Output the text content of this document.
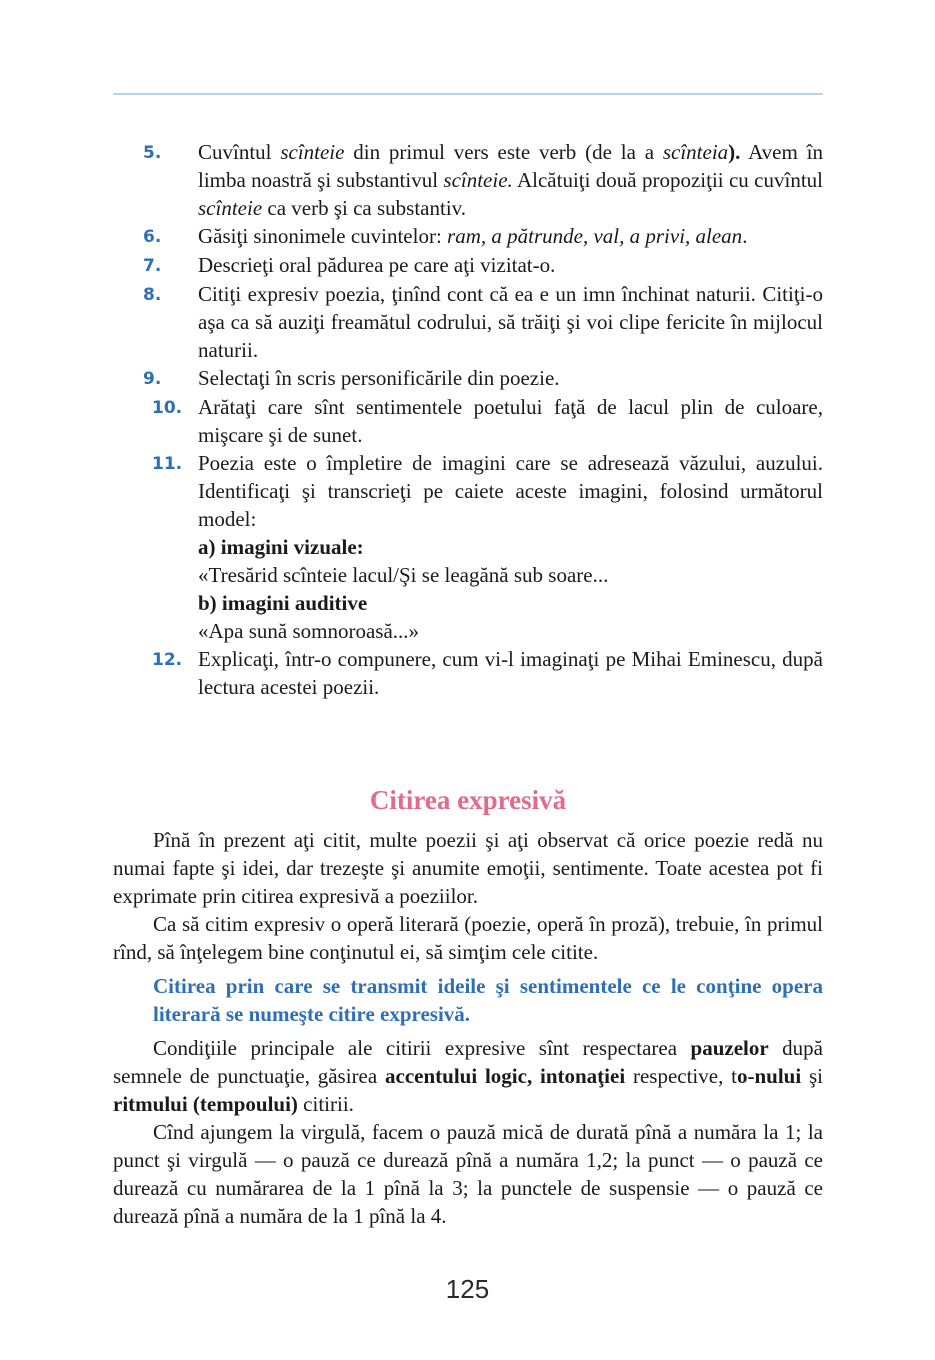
5.	Cuvîntul scînteie din primul vers este verb (de la a scînteia). Avem în limba noastră şi substantivul scînteie. Alcătuiţi două propoziţii cu cuvîntul scînteie ca verb şi ca substantiv.

6.	Găsiţi sinonimele cuvintelor: ram, a pătrunde, val, a privi, alean.

7.	Descrieţi oral pădurea pe care aţi vizitat-o.

8.	Citiţi expresiv poezia, ţinînd cont că ea e un imn închinat naturii. Citiţi-o aşa ca să auziţi freamătul codrului, să trăiţi şi voi clipe fericite în mijlocul naturii.

9.	Selectaţi în scris personificările din poezie.

10. Arătaţi care sînt sentimentele poetului faţă de lacul plin de culoare, mişcare şi de sunet.

11. Poezia este o împletire de imagini care se adresează văzului, auzului. Identificaţi şi transcrieţi pe caiete aceste imagini, folosind următorul model:

a) imagini vizuale:
«Tresărid scînteie lacul/Şi se leagănă sub soare...
b) imagini auditive
«Apa sună somnoroasă...»
12. Explicaţi, într-o compunere, cum vi-l imaginaţi pe Mihai Eminescu, după lectura acestei poezii.

Citirea expresivă

Pînă în prezent aţi citit, multe poezii şi aţi observat că orice poezie redă nu numai fapte şi idei, dar trezeşte şi anumite emoţii, sentimente. Toate acestea pot fi exprimate prin citirea expresivă a poeziilor.

Ca să citim expresiv o operă literară (poezie, operă în proză), trebuie, în primul rînd, să înţelegem bine conţinutul ei, să simţim cele citite.

Citirea prin care se transmit ideile şi sentimentele ce le conţine opera literară se numeşte citire expresivă.

Condiţiile principale ale citirii expresive sînt respectarea pauzelor după semnele de punctuaţie, găsirea accentului logic, intonaţiei respective, to-nului şi ritmului (tempoului) citirii.

Cînd ajungem la virgulă, facem o pauză mică de durată pînă a număra la 1; la punct şi virgulă — o pauză ce durează pînă a număra 1,2; la punct — o pauză ce durează cu numărarea de la 1 pînă la 3; la punctele de suspensie — o pauză ce durează pînă a număra de la 1 pînă la 4.

125
